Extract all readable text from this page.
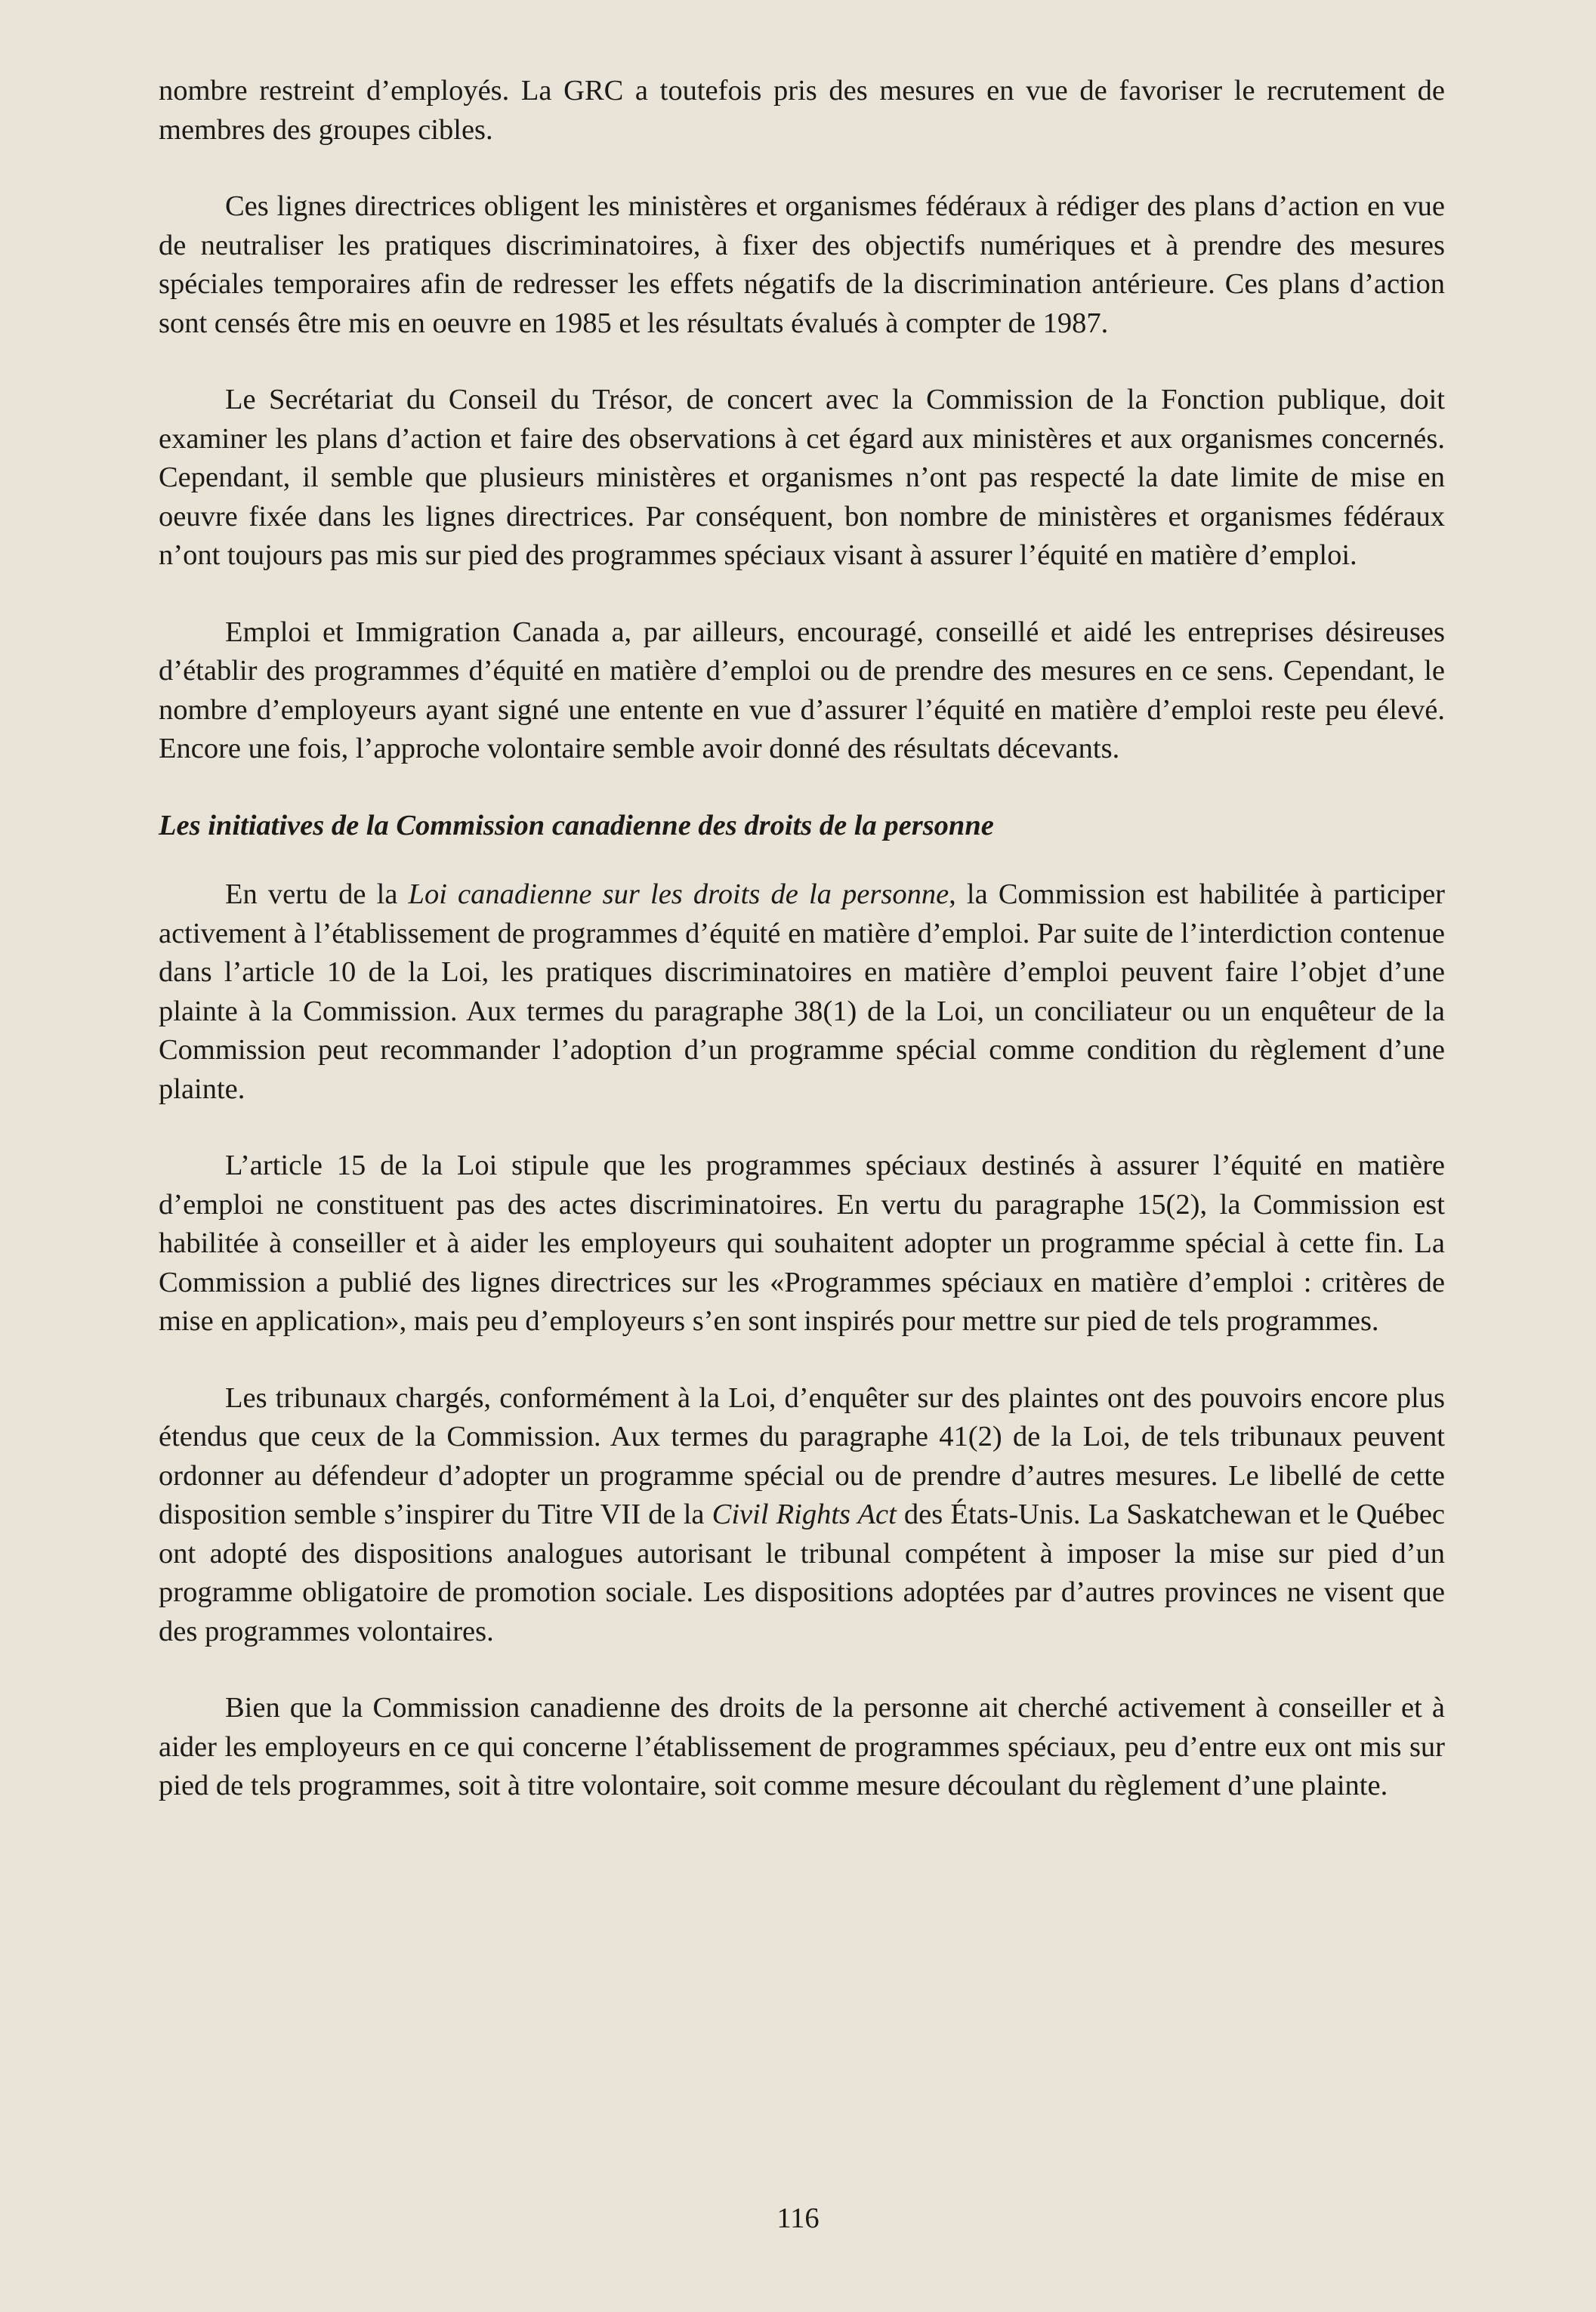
nombre restreint d’employés. La GRC a toutefois pris des mesures en vue de favoriser le recrutement de membres des groupes cibles.

Ces lignes directrices obligent les ministères et organismes fédéraux à rédiger des plans d’action en vue de neutraliser les pratiques discriminatoires, à fixer des objectifs numériques et à prendre des mesures spéciales temporaires afin de redresser les effets négatifs de la discrimination antérieure. Ces plans d’action sont censés être mis en oeuvre en 1985 et les résultats évalués à compter de 1987.

Le Secrétariat du Conseil du Trésor, de concert avec la Commission de la Fonction publique, doit examiner les plans d’action et faire des observations à cet égard aux ministères et aux organismes concernés. Cependant, il semble que plusieurs ministères et organismes n’ont pas respecté la date limite de mise en oeuvre fixée dans les lignes directrices. Par conséquent, bon nombre de ministères et organismes fédéraux n’ont toujours pas mis sur pied des programmes spéciaux visant à assurer l’équité en matière d’emploi.

Emploi et Immigration Canada a, par ailleurs, encouragé, conseillé et aidé les entreprises désireuses d’établir des programmes d’équité en matière d’emploi ou de prendre des mesures en ce sens. Cependant, le nombre d’employeurs ayant signé une entente en vue d’assurer l’équité en matière d’emploi reste peu élevé. Encore une fois, l’approche volontaire semble avoir donné des résultats décevants.

Les initiatives de la Commission canadienne des droits de la personne

En vertu de la Loi canadienne sur les droits de la personne, la Commission est habilitée à participer activement à l’établissement de programmes d’équité en matière d’emploi. Par suite de l’interdiction contenue dans l’article 10 de la Loi, les pratiques discriminatoires en matière d’emploi peuvent faire l’objet d’une plainte à la Commission. Aux termes du paragraphe 38(1) de la Loi, un conciliateur ou un enquêteur de la Commission peut recommander l’adoption d’un programme spécial comme condition du règlement d’une plainte.

L’article 15 de la Loi stipule que les programmes spéciaux destinés à assurer l’équité en matière d’emploi ne constituent pas des actes discriminatoires. En vertu du paragraphe 15(2), la Commission est habilitée à conseiller et à aider les employeurs qui souhaitent adopter un programme spécial à cette fin. La Commission a publié des lignes directrices sur les «Programmes spéciaux en matière d’emploi : critères de mise en application», mais peu d’employeurs s’en sont inspirés pour mettre sur pied de tels programmes.

Les tribunaux chargés, conformément à la Loi, d’enquêter sur des plaintes ont des pouvoirs encore plus étendus que ceux de la Commission. Aux termes du paragraphe 41(2) de la Loi, de tels tribunaux peuvent ordonner au défendeur d’adopter un programme spécial ou de prendre d’autres mesures. Le libellé de cette disposition semble s’inspirer du Titre VII de la Civil Rights Act des États-Unis. La Saskatchewan et le Québec ont adopté des dispositions analogues autorisant le tribunal compétent à imposer la mise sur pied d’un programme obligatoire de promotion sociale. Les dispositions adoptées par d’autres provinces ne visent que des programmes volontaires.

Bien que la Commission canadienne des droits de la personne ait cherché activement à conseiller et à aider les employeurs en ce qui concerne l’établissement de programmes spéciaux, peu d’entre eux ont mis sur pied de tels programmes, soit à titre volontaire, soit comme mesure découlant du règlement d’une plainte.

116
